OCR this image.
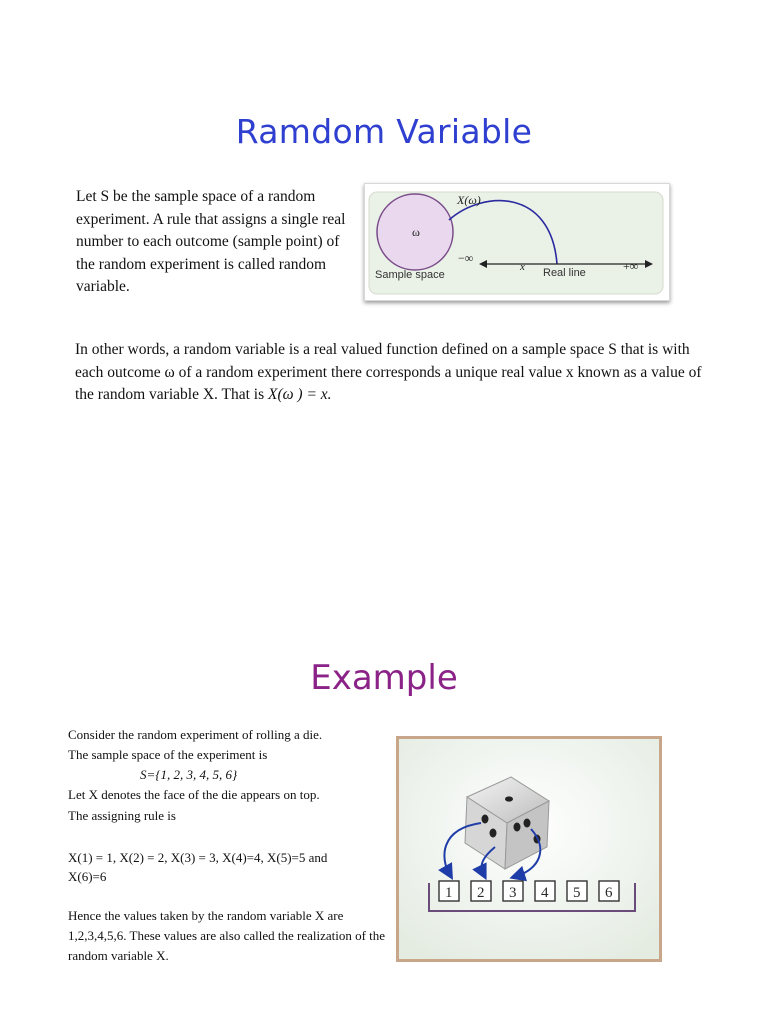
Ramdom Variable
Let S be the sample space of a random experiment. A rule that assigns a single real number to each outcome (sample point) of the random experiment is called random variable.
X(ω)
ω
Sample space
−∞
x Real line	+∞
In other words, a random variable is a real valued function defined on a sample space S that is with each outcome ω of a random experiment there corresponds a unique real value x known as a value of the random variable X. That is X(ω ) = x.
Example
Consider the random experiment of rolling a die.
The sample space of the experiment is
S={1, 2, 3, 4, 5, 6}
Let X denotes the face of the die appears on top.
The assigning rule is
X(1) = 1, X(2) = 2, X(3) = 3, X(4)=4, X(5)=5 and
X(6)=6
Hence the values taken by the random variable X are 1,2,3,4,5,6. These values are also called the realization of the random variable X.
1 2 3 4 5 6
